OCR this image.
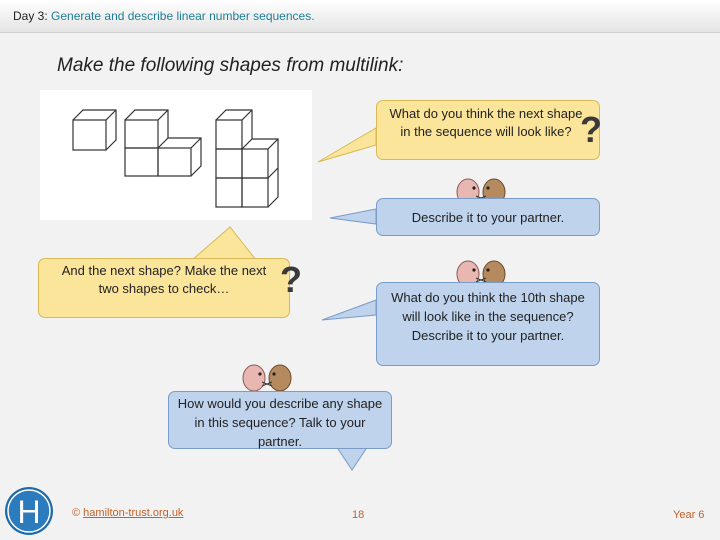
Day 3: Generate and describe linear number sequences.
Make the following shapes from multilink:
What do you think the next shape in the sequence will look like? ?
Describe it to your partner.
And the next shape? Make the next two shapes to check…	?	What do you think the 10th shape will look like in the sequence? Describe it to your partner.
How would you describe any shape in this sequence? Talk to your partner.
H	© hamilton-trust.org.uk	18	Year 6
